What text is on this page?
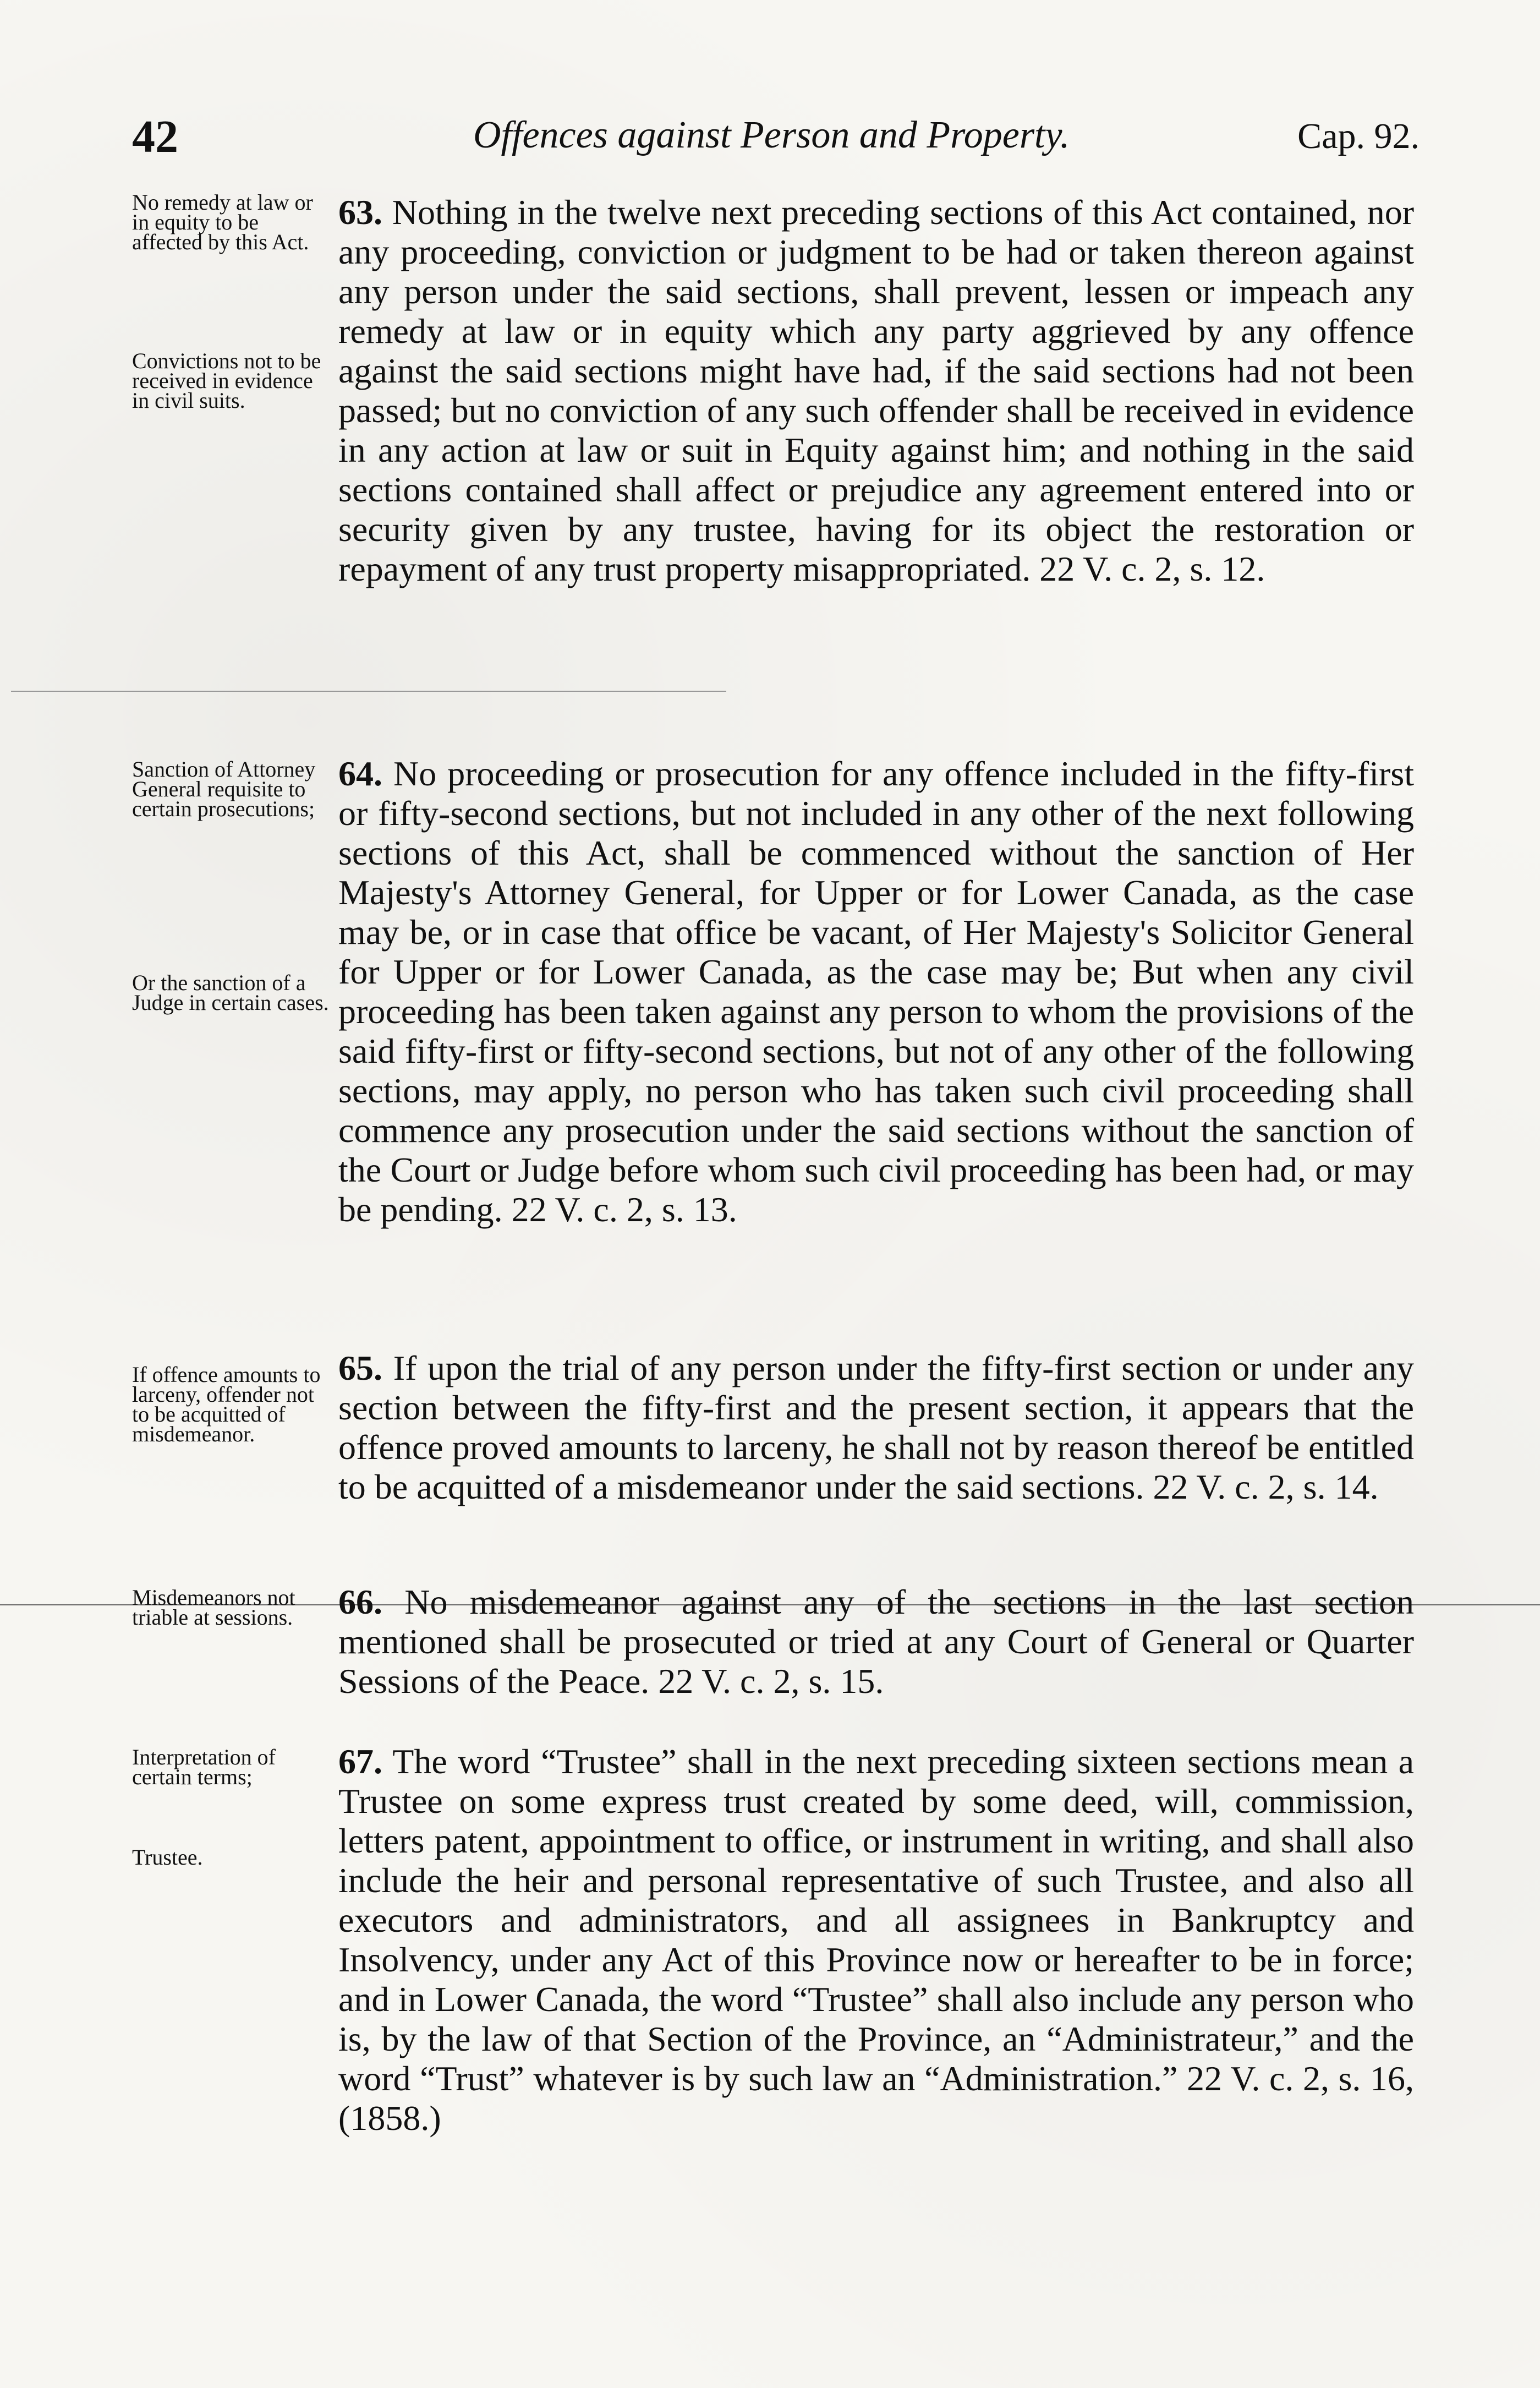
42	Offences against Person and Property.	Cap. 92.
No remedy at law or in equity to be affected by this Act.
Convictions not to be received in evidence in civil suits.
63. Nothing in the twelve next preceding sections of this Act contained, nor any proceeding, conviction or judgment to be had or taken thereon against any person under the said sections, shall prevent, lessen or impeach any remedy at law or in equity which any party aggrieved by any offence against the said sections might have had, if the said sections had not been passed; but no conviction of any such offender shall be received in evidence in any action at law or suit in Equity against him; and nothing in the said sections contained shall affect or prejudice any agreement entered into or security given by any trustee, having for its object the restoration or repayment of any trust property misappropriated. 22 V. c. 2, s. 12.
Sanction of Attorney General requisite to certain prosecutions;
Or the sanction of a Judge in certain cases.
64. No proceeding or prosecution for any offence included in the fifty-first or fifty-second sections, but not included in any other of the next following sections of this Act, shall be commenced without the sanction of Her Majesty's Attorney General, for Upper or for Lower Canada, as the case may be, or in case that office be vacant, of Her Majesty's Solicitor General for Upper or for Lower Canada, as the case may be; But when any civil proceeding has been taken against any person to whom the provisions of the said fifty-first or fifty-second sections, but not of any other of the following sections, may apply, no person who has taken such civil proceeding shall commence any prosecution under the said sections without the sanction of the Court or Judge before whom such civil proceeding has been had, or may be pending. 22 V. c. 2, s. 13.
If offence amounts to larceny, offender not to be acquitted of misdemeanor.
65. If upon the trial of any person under the fifty-first section or under any section between the fifty-first and the present section, it appears that the offence proved amounts to larceny, he shall not by reason thereof be entitled to be acquitted of a misdemeanor under the said sections. 22 V. c. 2, s. 14.
Misdemeanors not triable at sessions.	66. No misdemeanor against any of the sections in the last section mentioned shall be prosecuted or tried at any Court of General or Quarter Sessions of the Peace. 22 V. c. 2, s. 15.
Interpretation of certain terms;
Trustee.
67. The word “Trustee” shall in the next preceding sixteen sections mean a Trustee on some express trust created by some deed, will, commission, letters patent, appointment to office, or instrument in writing, and shall also include the heir and personal representative of such Trustee, and also all executors and administrators, and all assignees in Bankruptcy and Insolvency, under any Act of this Province now or hereafter to be in force; and in Lower Canada, the word “Trustee” shall also include any person who is, by the law of that Section of the Province, an “Administrateur,” and the word “Trust” whatever is by such law an “Administration.” 22 V. c. 2, s. 16, (1858.)
